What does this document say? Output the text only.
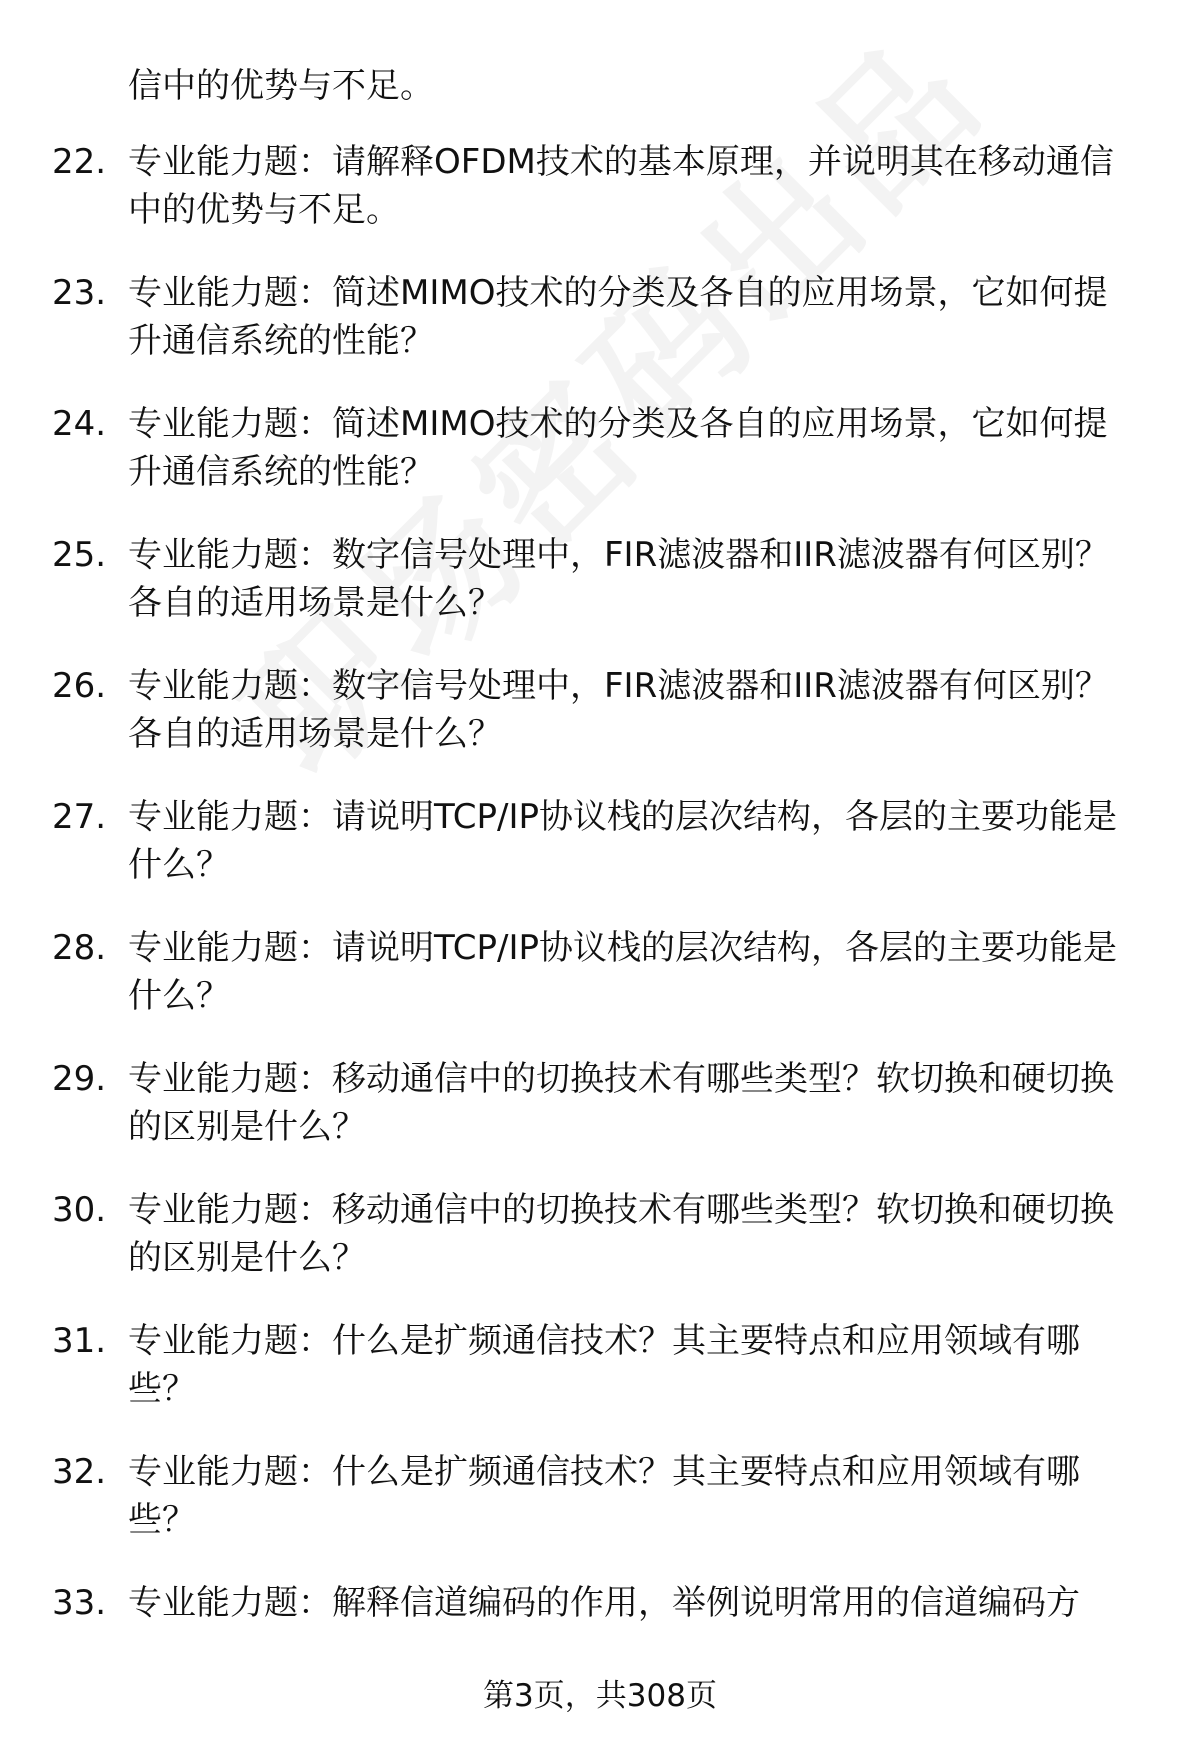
信中的优势与不足。
22. 专业能力题：请解释OFDM技术的基本原理，并说明其在移动通信中的优势与不足。
23. 专业能力题：简述MIMO技术的分类及各自的应用场景，它如何提升通信系统的性能？
24. 专业能力题：简述MIMO技术的分类及各自的应用场景，它如何提升通信系统的性能？
25. 专业能力题：数字信号处理中，FIR滤波器和IIR滤波器有何区别？各自的适用场景是什么？
26. 专业能力题：数字信号处理中，FIR滤波器和IIR滤波器有何区别？各自的适用场景是什么？
27. 专业能力题：请说明TCP/IP协议栈的层次结构，各层的主要功能是什么？
28. 专业能力题：请说明TCP/IP协议栈的层次结构，各层的主要功能是什么？
29. 专业能力题：移动通信中的切换技术有哪些类型？软切换和硬切换的区别是什么？
30. 专业能力题：移动通信中的切换技术有哪些类型？软切换和硬切换的区别是什么？
31. 专业能力题：什么是扩频通信技术？其主要特点和应用领域有哪些？
32. 专业能力题：什么是扩频通信技术？其主要特点和应用领域有哪些？
33. 专业能力题：解释信道编码的作用，举例说明常用的信道编码方
第3页，共308页
